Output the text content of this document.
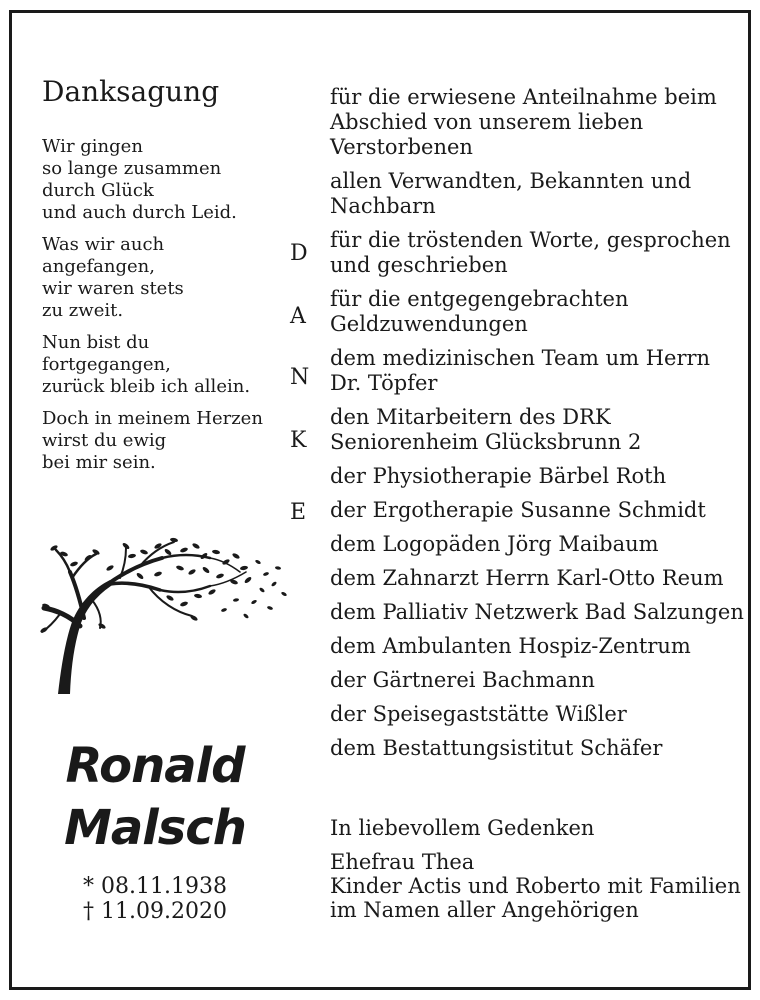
Danksagung
Wir gingen
so lange zusammen
durch Glück
und auch durch Leid.
Was wir auch
angefangen,
wir waren stets
zu zweit.
Nun bist du
fortgegangen,
zurück bleib ich allein.
Doch in meinem Herzen
wirst du ewig
bei mir sein.
Ronald
Malsch
* 08.11.1938
† 11.09.2020
D
A
N
K
E
für die erwiesene Anteilnahme beim
Abschied von unserem lieben
Verstorbenen
allen Verwandten, Bekannten und
Nachbarn
für die tröstenden Worte, gesprochen
und geschrieben
für die entgegengebrachten
Geldzuwendungen
dem medizinischen Team um Herrn
Dr. Töpfer
den Mitarbeitern des DRK
Seniorenheim Glücksbrunn 2
der Physiotherapie Bärbel Roth
der Ergotherapie Susanne Schmidt
dem Logopäden Jörg Maibaum
dem Zahnarzt Herrn Karl-Otto Reum
dem Palliativ Netzwerk Bad Salzungen
dem Ambulanten Hospiz-Zentrum
der Gärtnerei Bachmann
der Speisegaststätte Wißler
dem Bestattungsistitut Schäfer
In liebevollem Gedenken
Ehefrau Thea
Kinder Actis und Roberto mit Familien
im Namen aller Angehörigen
